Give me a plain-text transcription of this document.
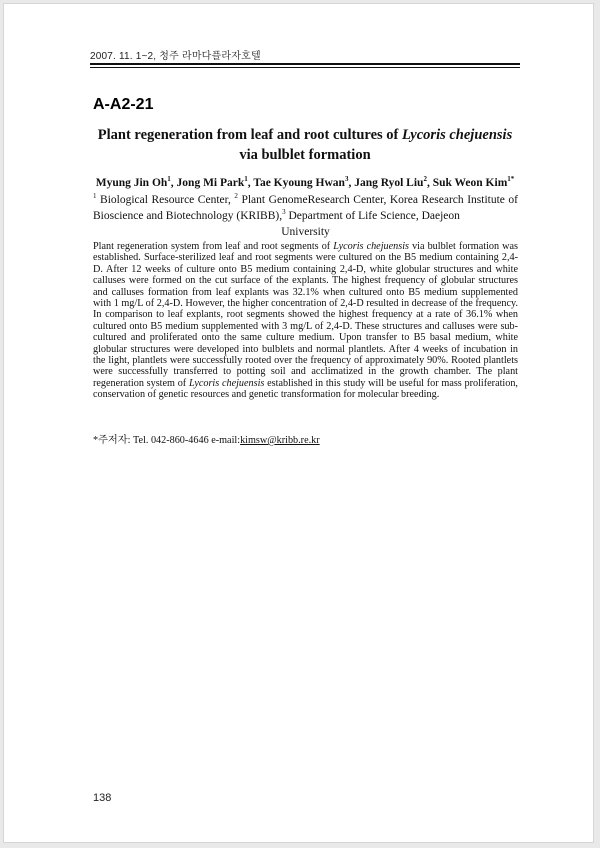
2007. 11. 1~2, 청주 라마다플라자호텔
A-A2-21
Plant regeneration from leaf and root cultures of Lycoris chejuensis
via bulblet formation
Myung Jin Oh$^1$, Jong Mi Park$^1$, Tae Kyoung Hwan$^3$, Jang Ryol Liu$^2$, Suk Weon Kim$^{1*}$
$^1$ Biological Resource Center, $^2$ Plant GenomeResearch Center, Korea Research Institute of Bioscience and Biotechnology (KRIBB),$^3$ Department of Life Science, Daejeon
University
Plant regeneration system from leaf and root segments of Lycoris chejuensis via bulblet formation was established. Surface-sterilized leaf and root segments were cultured on the B5 medium containing 2,4-D. After 12 weeks of culture onto B5 medium containing 2,4-D, white globular structures and white calluses were formed on the cut surface of the explants. The highest frequency of globular structures and calluses formation from leaf explants was 32.1% when cultured onto B5 medium supplemented with 1 mg/L of 2,4-D. However, the higher concentration of 2,4-D resulted in decrease of the frequency. In comparison to leaf explants, root segments showed the highest frequency at a rate of 36.1% when cultured onto B5 medium supplemented with 3 mg/L of 2,4-D. These structures and calluses were sub-cultured and proliferated onto the same culture medium. Upon transfer to B5 basal medium, white globular structures were developed into bulblets and normal plantlets. After 4 weeks of incubation in the light, plantlets were successfully rooted over the frequency of approximately 90%. Rooted plantlets were successfully transferred to potting soil and acclimatized in the growth chamber. The plant regeneration system of Lycoris chejuensis established in this study will be useful for mass proliferation, conservation of genetic resources and genetic transformation for molecular breeding.
*주저자: Tel. 042-860-4646 e-mail:kimsw@kribb.re.kr
138
